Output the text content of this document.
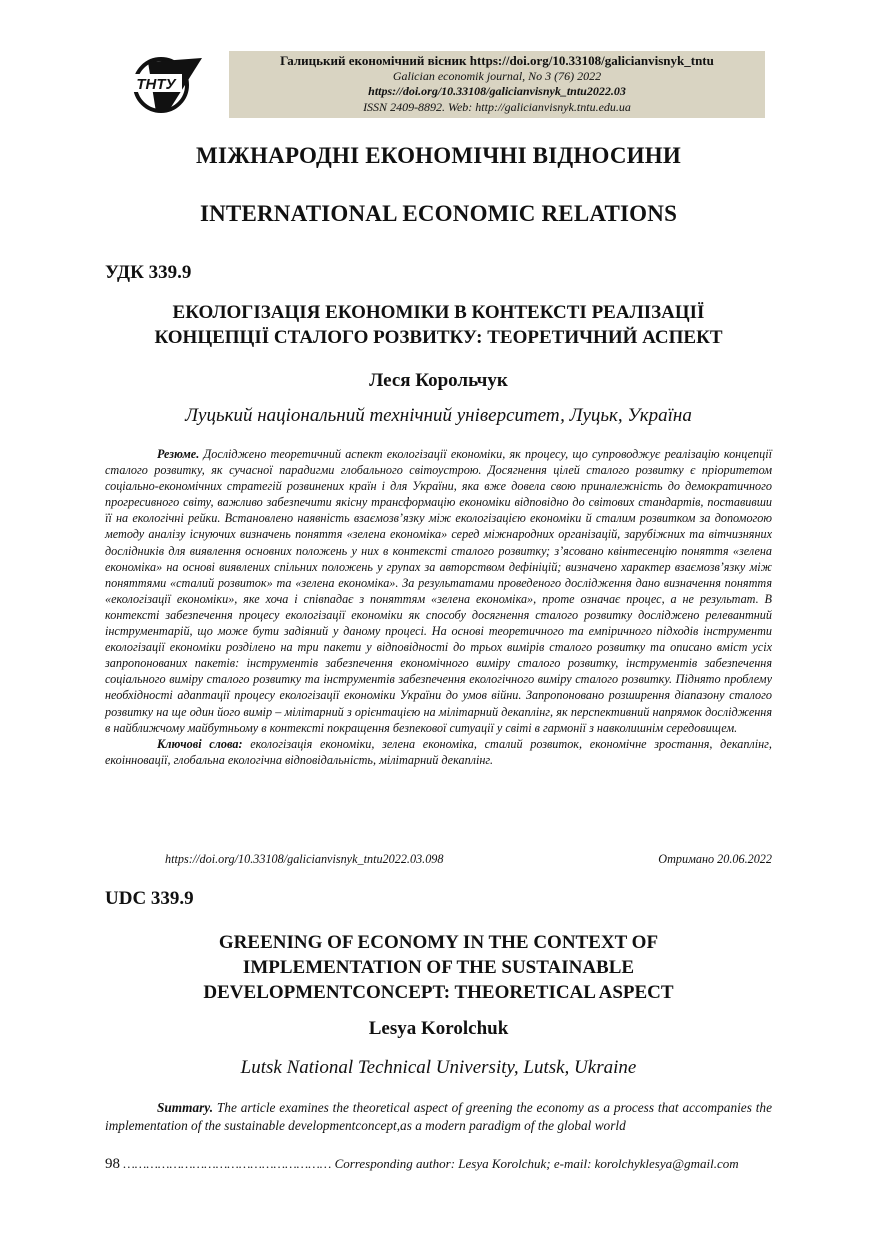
ТНТУ
Галицький економічний вісник https://doi.org/10.33108/galicianvisnyk_tntu
Galician economik journal, No 3 (76) 2022
https://doi.org/10.33108/galicianvisnyk_tntu2022.03
ISSN 2409-8892. Web: http://galicianvisnyk.tntu.edu.ua
МІЖНАРОДНІ ЕКОНОМІЧНІ ВІДНОСИНИ
INTERNATIONAL ECONOMIC RELATIONS
УДК 339.9
ЕКОЛОГІЗАЦІЯ ЕКОНОМІКИ В КОНТЕКСТІ РЕАЛІЗАЦІЇ
КОНЦЕПЦІЇ СТАЛОГО РОЗВИТКУ: ТЕОРЕТИЧНИЙ АСПЕКТ
Леся Корольчук
Луцький національний технічний університет, Луцьк, Україна

Резюме. Досліджено теоретичний аспект екологізації економіки, як процесу, що супроводжує реалізацію концепції сталого розвитку, як сучасної парадигми глобального світоустрою. Досягнення цілей сталого розвитку є пріоритетом соціально-економічних стратегій розвинених країн і для України, яка вже довела свою приналежність до демократичного прогресивного світу, важливо забезпечити якісну трансформацію економіки відповідно до світових стандартів, поставивши її на екологічні рейки. Встановлено наявність взаємозв’язку між екологізацією економіки й сталим розвитком за допомогою методу аналізу існуючих визначень поняття «зелена економіка» серед міжнародних організацій, зарубіжних та вітчизняних дослідників для виявлення основних положень у них в контексті сталого розвитку; з’ясовано квінтесенцію поняття «зелена економіка» на основі виявлених спільних положень у групах за авторством дефініцій; визначено характер взаємозв’язку між поняттями «сталий розвиток» та «зелена економіка». За результатами проведеного дослідження дано визначення поняття «екологізації економіки», яке хоча і співпадає з поняттям «зелена економіка», проте означає процес, а не результат. В контексті забезпечення процесу екологізації економіки як способу досягнення сталого розвитку досліджено релевантний інструментарій, що може бути задіяний у даному процесі. На основі теоретичного та емпіричного підходів інструменти екологізації економіки розділено на три пакети у відповідності до трьох вимірів сталого розвитку та описано вміст усіх запропонованих пакетів: інструментів забезпечення економічного виміру сталого розвитку, інструментів забезпечення соціального виміру сталого розвитку та інструментів забезпечення екологічного виміру сталого розвитку. Піднято проблему необхідності адаптації процесу екологізації економіки України до умов війни. Запропоновано розширення діапазону сталого розвитку на ще один його вимір – мілітарний з орієнтацією на мілітарний декаплінг, як перспективний напрямок дослідження в найближчому майбутньому в контексті покращення безпекової ситуації у світі в гармонії з навколишнім середовищем.

Ключові слова: екологізація економіки, зелена економіка, сталий розвиток, економічне зростання, декаплінг, екоінновації, глобальна екологічна відповідальність, мілітарний декаплінг.

https://doi.org/10.33108/galicianvisnyk_tntu2022.03.098	Отримано 20.06.2022
UDC 339.9
GREENING OF ECONOMY IN THE CONTEXT OF
IMPLEMENTATION OF THE SUSTAINABLE
DEVELOPMENTCONCEPT: THEORETICAL ASPECT
Lesya Korolchuk
Lutsk National Technical University, Lutsk, Ukraine

Summary. The article examines the theoretical aspect of greening the economy as a process that accompanies the implementation of the sustainable developmentconcept,as a modern paradigm of the global world

98 ……………………………………………… Corresponding author: Lesya Korolchuk; e-mail: korolchyklesya@gmail.com
